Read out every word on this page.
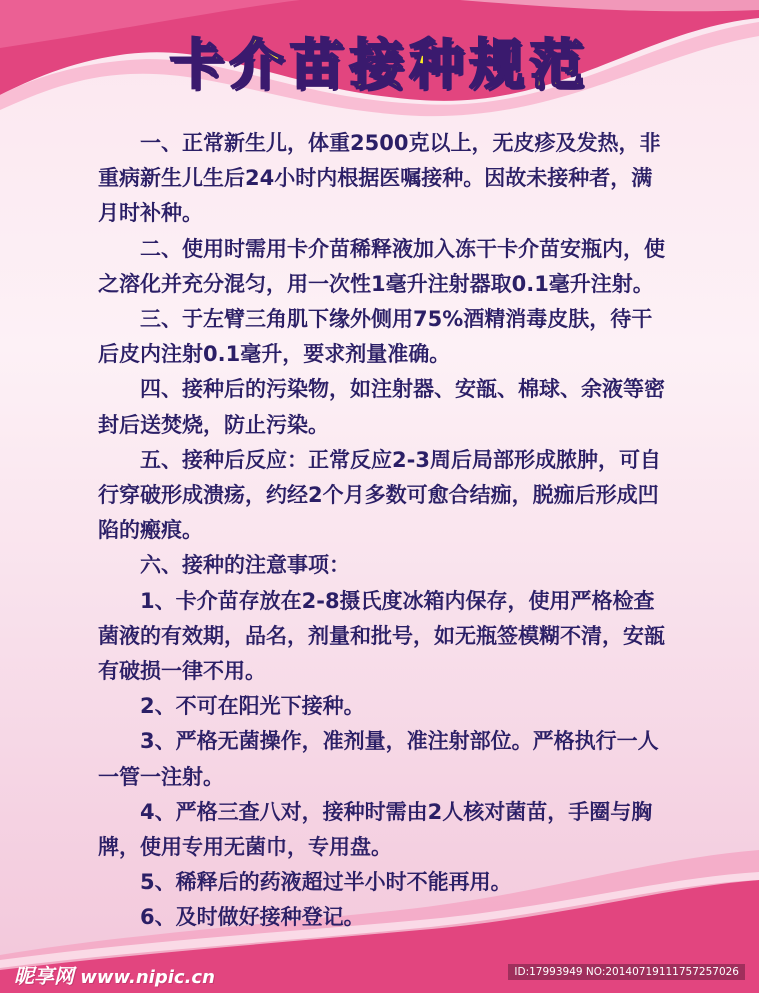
卡介苗接种规范

一、正常新生儿，体重2500克以上，无皮疹及发热，非重病新生儿生后24小时内根据医嘱接种。因故未接种者，满月时补种。

二、使用时需用卡介苗稀释液加入冻干卡介苗安瓶内，使之溶化并充分混匀，用一次性1毫升注射器取0.1毫升注射。

三、于左臂三角肌下缘外侧用75%酒精消毒皮肤，待干后皮内注射0.1毫升，要求剂量准确。

四、接种后的污染物，如注射器、安瓿、棉球、余液等密封后送焚烧，防止污染。

五、接种后反应：正常反应2-3周后局部形成脓肿，可自行穿破形成溃疡，约经2个月多数可愈合结痂，脱痂后形成凹陷的瘢痕。

六、接种的注意事项：

1、卡介苗存放在2-8摄氏度冰箱内保存，使用严格检查菌液的有效期，品名，剂量和批号，如无瓶签模糊不清，安瓿有破损一律不用。

2、不可在阳光下接种。

3、严格无菌操作，准剂量，准注射部位。严格执行一人一管一注射。

4、严格三查八对，接种时需由2人核对菌苗，手圈与胸牌，使用专用无菌巾，专用盘。

5、稀释后的药液超过半小时不能再用。

6、及时做好接种登记。

昵享网 www.nipic.cn	ID:17993949 NO:20140719111757257026
